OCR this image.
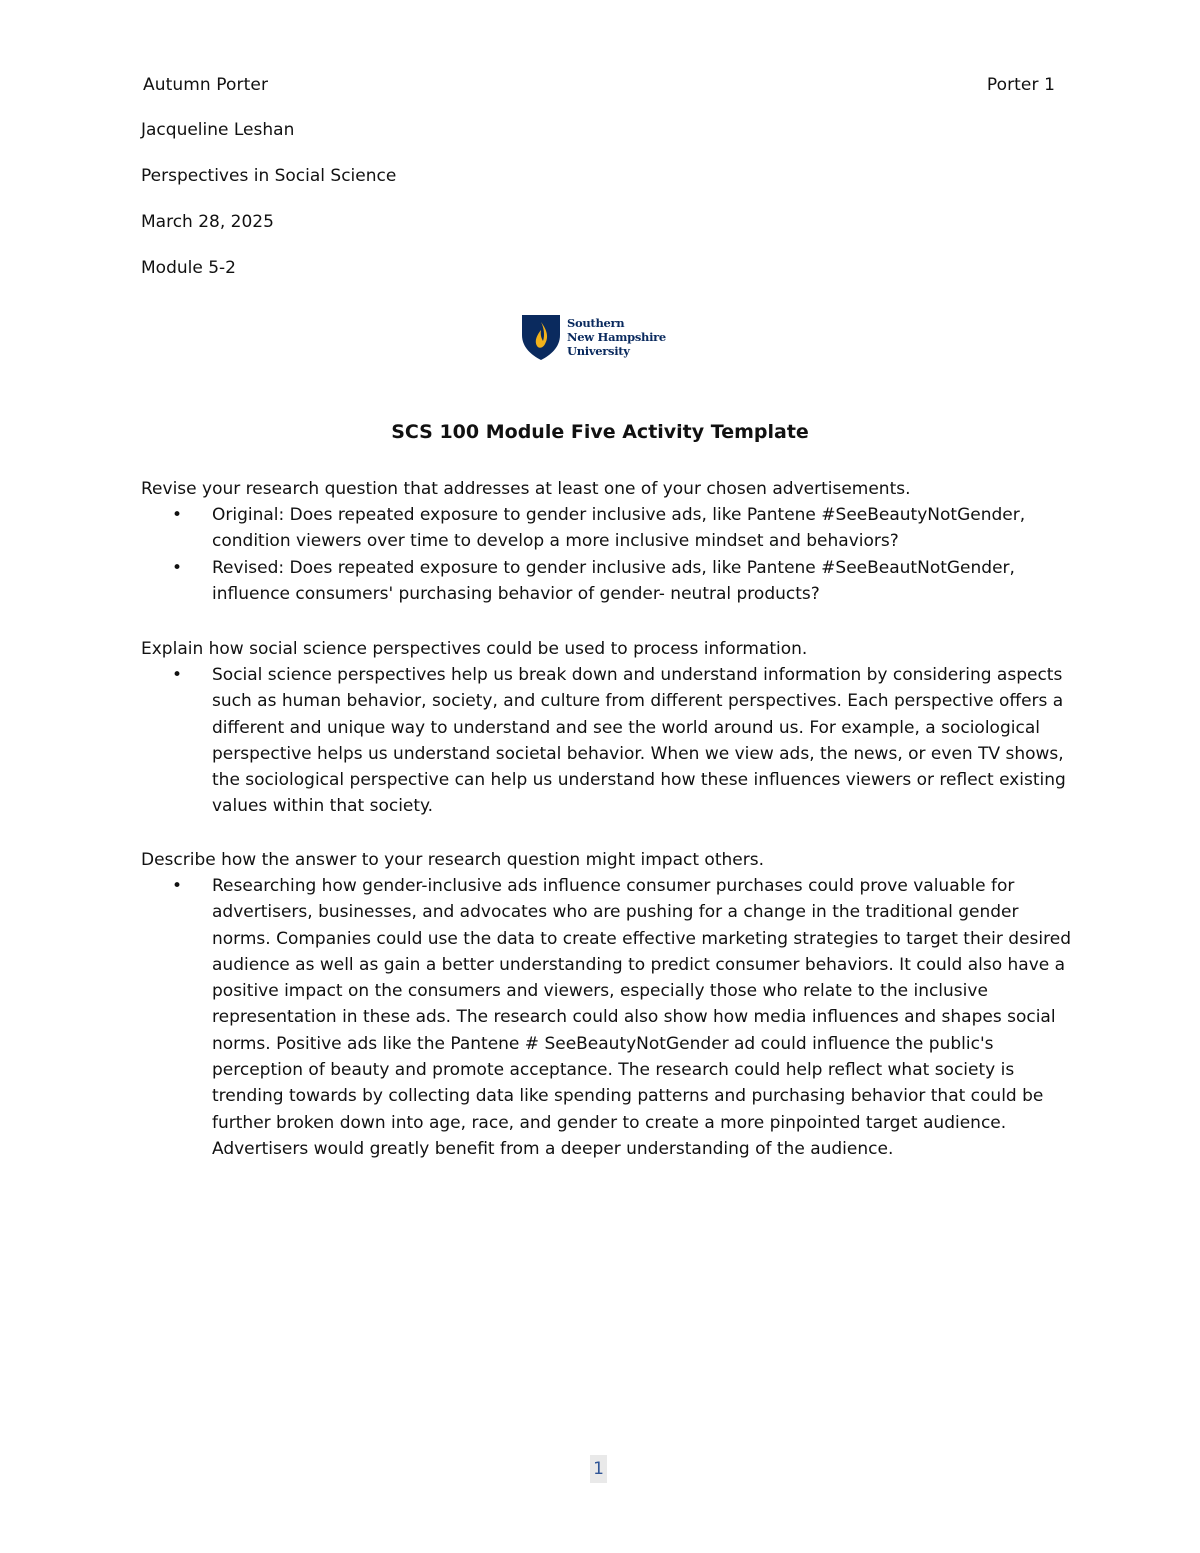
Autumn Porter	Porter 1
Jacqueline Leshan
Perspectives in Social Science
March 28, 2025
Module 5-2
Southern
New Hampshire
University
SCS 100 Module Five Activity Template
Revise your research question that addresses at least one of your chosen advertisements.
• Original: Does repeated exposure to gender inclusive ads, like Pantene #SeeBeautyNotGender, condition viewers over time to develop a more inclusive mindset and behaviors?
• Revised: Does repeated exposure to gender inclusive ads, like Pantene #SeeBeautNotGender, influence consumers' purchasing behavior of gender- neutral products?
Explain how social science perspectives could be used to process information.
• Social science perspectives help us break down and understand information by considering aspects such as human behavior, society, and culture from different perspectives. Each perspective offers a different and unique way to understand and see the world around us. For example, a sociological perspective helps us understand societal behavior. When we view ads, the news, or even TV shows, the sociological perspective can help us understand how these influences viewers or reflect existing values within that society.
Describe how the answer to your research question might impact others.
• Researching how gender-inclusive ads influence consumer purchases could prove valuable for advertisers, businesses, and advocates who are pushing for a change in the traditional gender norms. Companies could use the data to create effective marketing strategies to target their desired audience as well as gain a better understanding to predict consumer behaviors. It could also have a positive impact on the consumers and viewers, especially those who relate to the inclusive representation in these ads. The research could also show how media influences and shapes social norms. Positive ads like the Pantene # SeeBeautyNotGender ad could influence the public's perception of beauty and promote acceptance. The research could help reflect what society is trending towards by collecting data like spending patterns and purchasing behavior that could be further broken down into age, race, and gender to create a more pinpointed target audience. Advertisers would greatly benefit from a deeper understanding of the audience.
1
